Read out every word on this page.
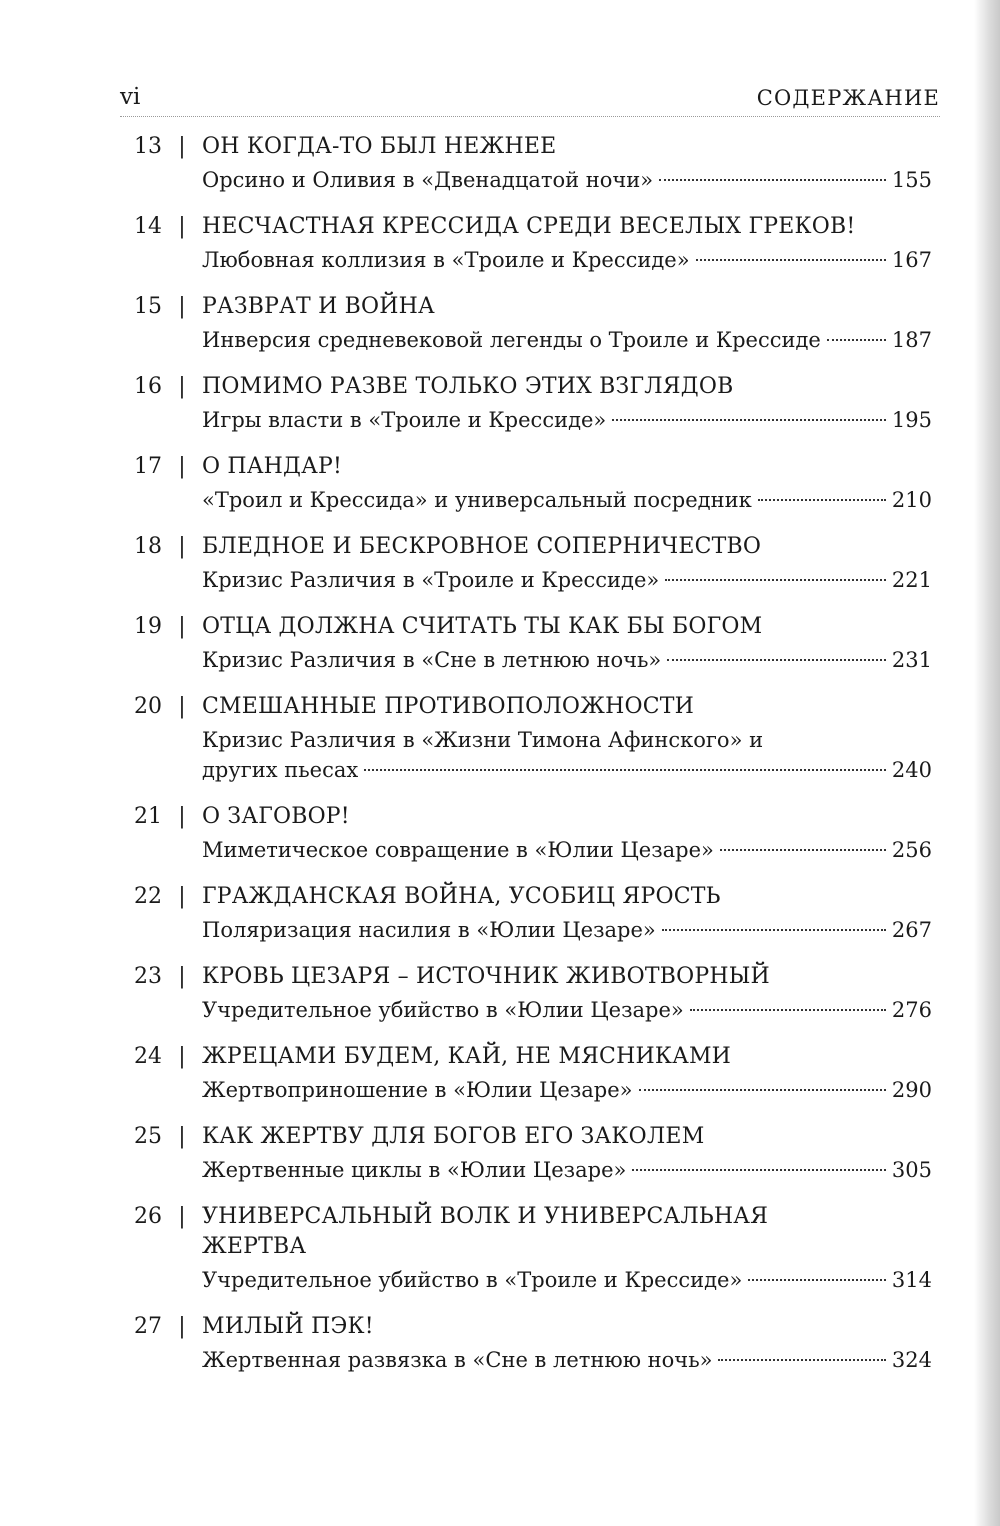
vi	СОДЕРЖАНИЕ
13 | ОН КОГДА-ТО БЫЛ НЕЖНЕЕ
Орсино и Оливия в «Двенадцатой ночи»	155
14 | НЕСЧАСТНАЯ КРЕССИДА СРЕДИ ВЕСЕЛЫХ ГРЕКОВ!
Любовная коллизия в «Троиле и Крессиде»	167
15 | РАЗВРАТ И ВОЙНА
Инверсия средневековой легенды о Троиле и Крессиде	187
16 | ПОМИМО РАЗВЕ ТОЛЬКО ЭТИХ ВЗГЛЯДОВ
Игры власти в «Троиле и Крессиде»	195
17 | О ПАНДАР!
«Троил и Крессида» и универсальный посредник	210
18 | БЛЕДНОЕ И БЕСКРОВНОЕ СОПЕРНИЧЕСТВО
Кризис Различия в «Троиле и Крессиде»	221
19 | ОТЦА ДОЛЖНА СЧИТАТЬ ТЫ КАК БЫ БОГОМ
Кризис Различия в «Сне в летнюю ночь»	231
20 | СМЕШАННЫЕ ПРОТИВОПОЛОЖНОСТИ
Кризис Различия в «Жизни Тимона Афинского» и
других пьесах	240
21 | О ЗАГОВОР!
Миметическое совращение в «Юлии Цезаре»	256
22 | ГРАЖДАНСКАЯ ВОЙНА, УСОБИЦ ЯРОСТЬ
Поляризация насилия в «Юлии Цезаре»	267
23 | КРОВЬ ЦЕЗАРЯ – ИСТОЧНИК ЖИВОТВОРНЫЙ
Учредительное убийство в «Юлии Цезаре»	276
24 | ЖРЕЦАМИ БУДЕМ, КАЙ, НЕ МЯСНИКАМИ
Жертвоприношение в «Юлии Цезаре»	290
25 | КАК ЖЕРТВУ ДЛЯ БОГОВ ЕГО ЗАКОЛЕМ
Жертвенные циклы в «Юлии Цезаре»	305
26 | УНИВЕРСАЛЬНЫЙ ВОЛК И УНИВЕРСАЛЬНАЯ ЖЕРТВА
Учредительное убийство в «Троиле и Крессиде»	314
27 | МИЛЫЙ ПЭК!
Жертвенная развязка в «Сне в летнюю ночь»	324
